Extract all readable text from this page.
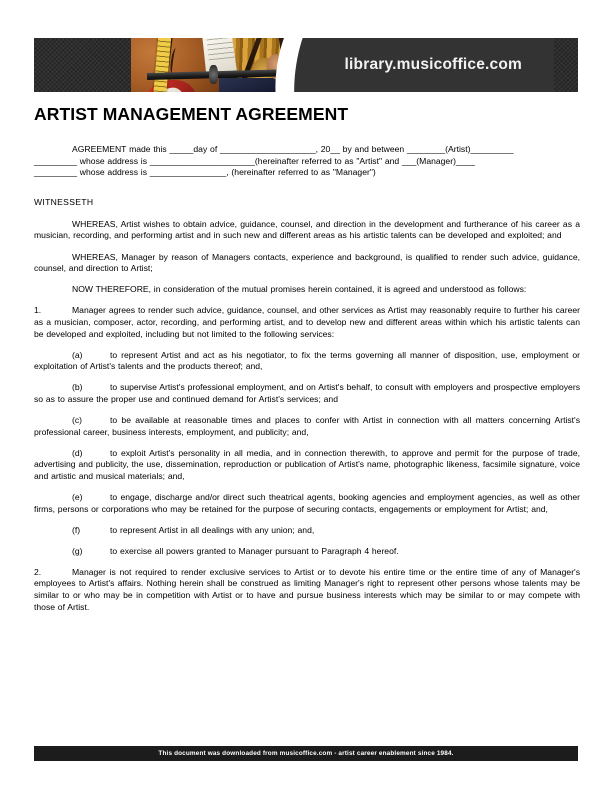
library.musicoffice.com
ARTIST MANAGEMENT AGREEMENT
AGREEMENT made this _____day of ____________________, 20__ by and between ________(Artist)_________
_________ whose address is ______________________(hereinafter referred to as "Artist" and ___(Manager)____
_________ whose address is ________________, (hereinafter referred to as "Manager")
WITNESSETH

WHEREAS, Artist wishes to obtain advice, guidance, counsel, and direction in the development and furtherance of his career as a musician, recording, and performing artist and in such new and different areas as his artistic talents can be developed and exploited; and

WHEREAS, Manager by reason of Managers contacts, experience and background, is qualified to render such advice, guidance, counsel, and direction to Artist;

NOW THEREFORE, in consideration of the mutual promises herein contained, it is agreed and understood as follows:

1.	Manager agrees to render such advice, guidance, counsel, and other services as Artist may reasonably require to further his career as a musician, composer, actor, recording, and performing artist, and to develop new and different areas within which his artistic talents can be developed and exploited, including but not limited to the following services:

(a)	to represent Artist and act as his negotiator, to fix the terms governing all manner of disposition, use, employment or exploitation of Artist's talents and the products thereof; and,

(b)	to supervise Artist's professional employment, and on Artist's behalf, to consult with employers and prospective employers so as to assure the proper use and continued demand for Artist's services; and

(c)	to be available at reasonable times and places to confer with Artist in connection with all matters concerning Artist's professional career, business interests, employment, and publicity; and,

(d)	to exploit Artist's personality in all media, and in connection therewith, to approve and permit for the purpose of trade, advertising and publicity, the use, dissemination, reproduction or publication of Artist's name, photographic likeness, facsimile signature, voice and artistic and musical materials; and,

(e)	to engage, discharge and/or direct such theatrical agents, booking agencies and employment agencies, as well as other firms, persons or corporations who may be retained for the purpose of securing contacts, engagements or employment for Artist; and,

(f)	to represent Artist in all dealings with any union; and,

(g)	to exercise all powers granted to Manager pursuant to Paragraph 4 hereof.

2.	Manager is not required to render exclusive services to Artist or to devote his entire time or the entire time of any of Manager's employees to Artist's affairs. Nothing herein shall be construed as limiting Manager's right to represent other persons whose talents may be similar to or who may be in competition with Artist or to have and pursue business interests which may be similar to or may compete with those of Artist.

This document was downloaded from musicoffice.com - artist career enablement since 1984.
